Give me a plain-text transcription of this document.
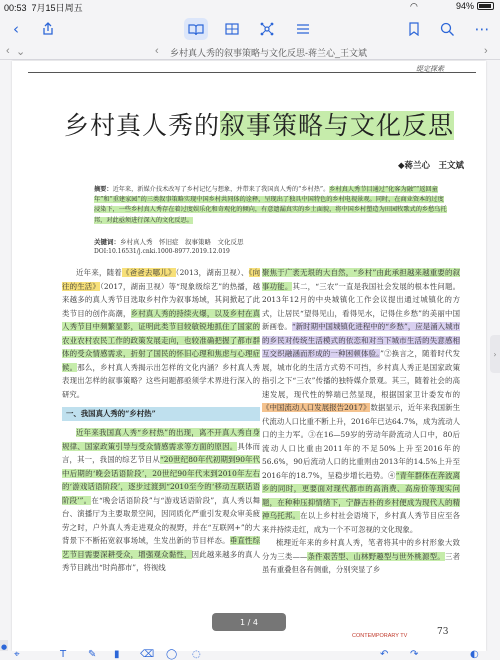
00:53 7月15日周五	◠	94%
‹	⋯
‹ ⌄	‹ 乡村真人秀的叙事策略与文化反思-蒋兰心_王文斌	›
缇定探索
乡村真人秀的叙事策略与文化反思
◆蒋兰心　王文斌
摘要：近年来，新媒介技术改写了乡村记忆与想象，并带来了我国真人秀的“乡村热”。乡村真人秀节目通过“化客为融”“返回童年”和“重建家园”的三类叙事策略实现中国乡村共同体的诠释，呈现出了独具中国特色的乡村电视景观。同时，在商业资本的过度浸染下，一些乡村真人秀存在着过度娱乐化和奇观化的倾向，有意遗漏真实的乡土面貌，将中国乡村塑造为田园牧歌式的乡愁乌托邦，对此亟须进行深入的文化反思。
关键词：乡村真人秀　怀旧症　叙事策略　文化反思
DOI:10.16531/j.cnki.1000-8977.2019.12.019

近年来，随着《爸爸去哪儿》（2013，湖南卫视）、《向往的生活》（2017，湖南卫视）等“现象级综艺”的热播，越来越多的真人秀节目选取乡村作为叙事场域，其间掀起了此类节目的创作高潮，乡村真人秀的持续火爆，以及乡村在真人秀节目中频繁显影，证明此类节目较敏锐地抓住了国家的农业农村农民工作的政策发展走向，也较准确把握了都市群体的受众情感需求，折射了国民的怀旧心理和焦虑与心理症候。那么，乡村真人秀揭示出怎样的文化内涵？乡村真人秀表现出怎样的叙事策略？这些问题都亟须学术界进行深入的研究。

一、我国真人秀的“乡村热”

近年来我国真人秀“乡村热”的出现，离不开真人秀自身规律、国家政策引导与受众情感需求等方面的原因。具体而言，其一，我国的综艺节目从“20世纪80年代初期到90年代中后期的‘晚会话语阶段’，20世纪90年代末到2010年左右的‘游戏话语阶段’，逐步过渡到“2010至今的‘移动互联话语阶段’”。在“晚会话语阶段”与“游戏话语阶段”，真人秀以舞台、演播厅为主要取景空间，因同质化严重引发观众审美疲劳之时，户外真人秀走进观众的视野，并在“互联网+”的大背景下不断拓宽叙事场域，生发出新的节目样态。垂直性综艺节目需要深耕受众，增强观众黏性，因此越来越多的真人秀节目跳出“时尚都市”，将视线

聚焦于广袤无垠的大自然，“乡村”由此承担越来越重要的叙事功能。其二，“三农”一直是我国社会发展的根本性问题。2013年12月的中央城镇化工作会议提出通过城镇化的方式，让居民“望得见山，看得见水，记得住乡愁”的美丽中国新画卷。“新时期中国城镇化进程中的“乡愁”，应是涌入城市的乡民对传统生活模式的依恋和对当下城市生活的失意感相互交织融涵而形成的一种困顿体验。”②换言之，随着时代发展，城市化的生活方式势不可挡，乡村真人秀正是国家政策指引之下“三农”传播的独特媒介景观。其三，随着社会的高速发展，现代性的弊端已然显现，根据国家卫计委发布的《中国流动人口发展报告2017》数据显示，近年来我国新生代流动人口比重不断上升，2016年已达64.7%，成为流动人口的主力军。③在16—59岁的劳动年龄流动人口中，80后流动人口比重由2011年的不足50%上升至2016年的56.6%，90后流动人口的比重则由2013年的14.5%上升至2016年的18.7%，呈稳步增长趋势。④“青年群体在奔波离乡的同时，更要面对现代都市的高消费、高房价等现实问题，在种种压抑情绪下，宁静古朴的乡村便成为现代人的精神乌托邦。在以上乡村社会语境下，乡村真人秀节目应至各来并持续走红，成为一个不可忽视的文化现象。

梳理近年来的乡村真人秀，笔者将其中的乡村形象大致分为三类——条件艰苦型、山林野趣型与世外桃源型。三者虽有重叠但各有侧重，分别突显了乡

CONTEMPORARY TV	73
›
1 / 4
●
⌖	T ✎ ▮ ⌫ ◯ ◌	↶ ↷	◐
